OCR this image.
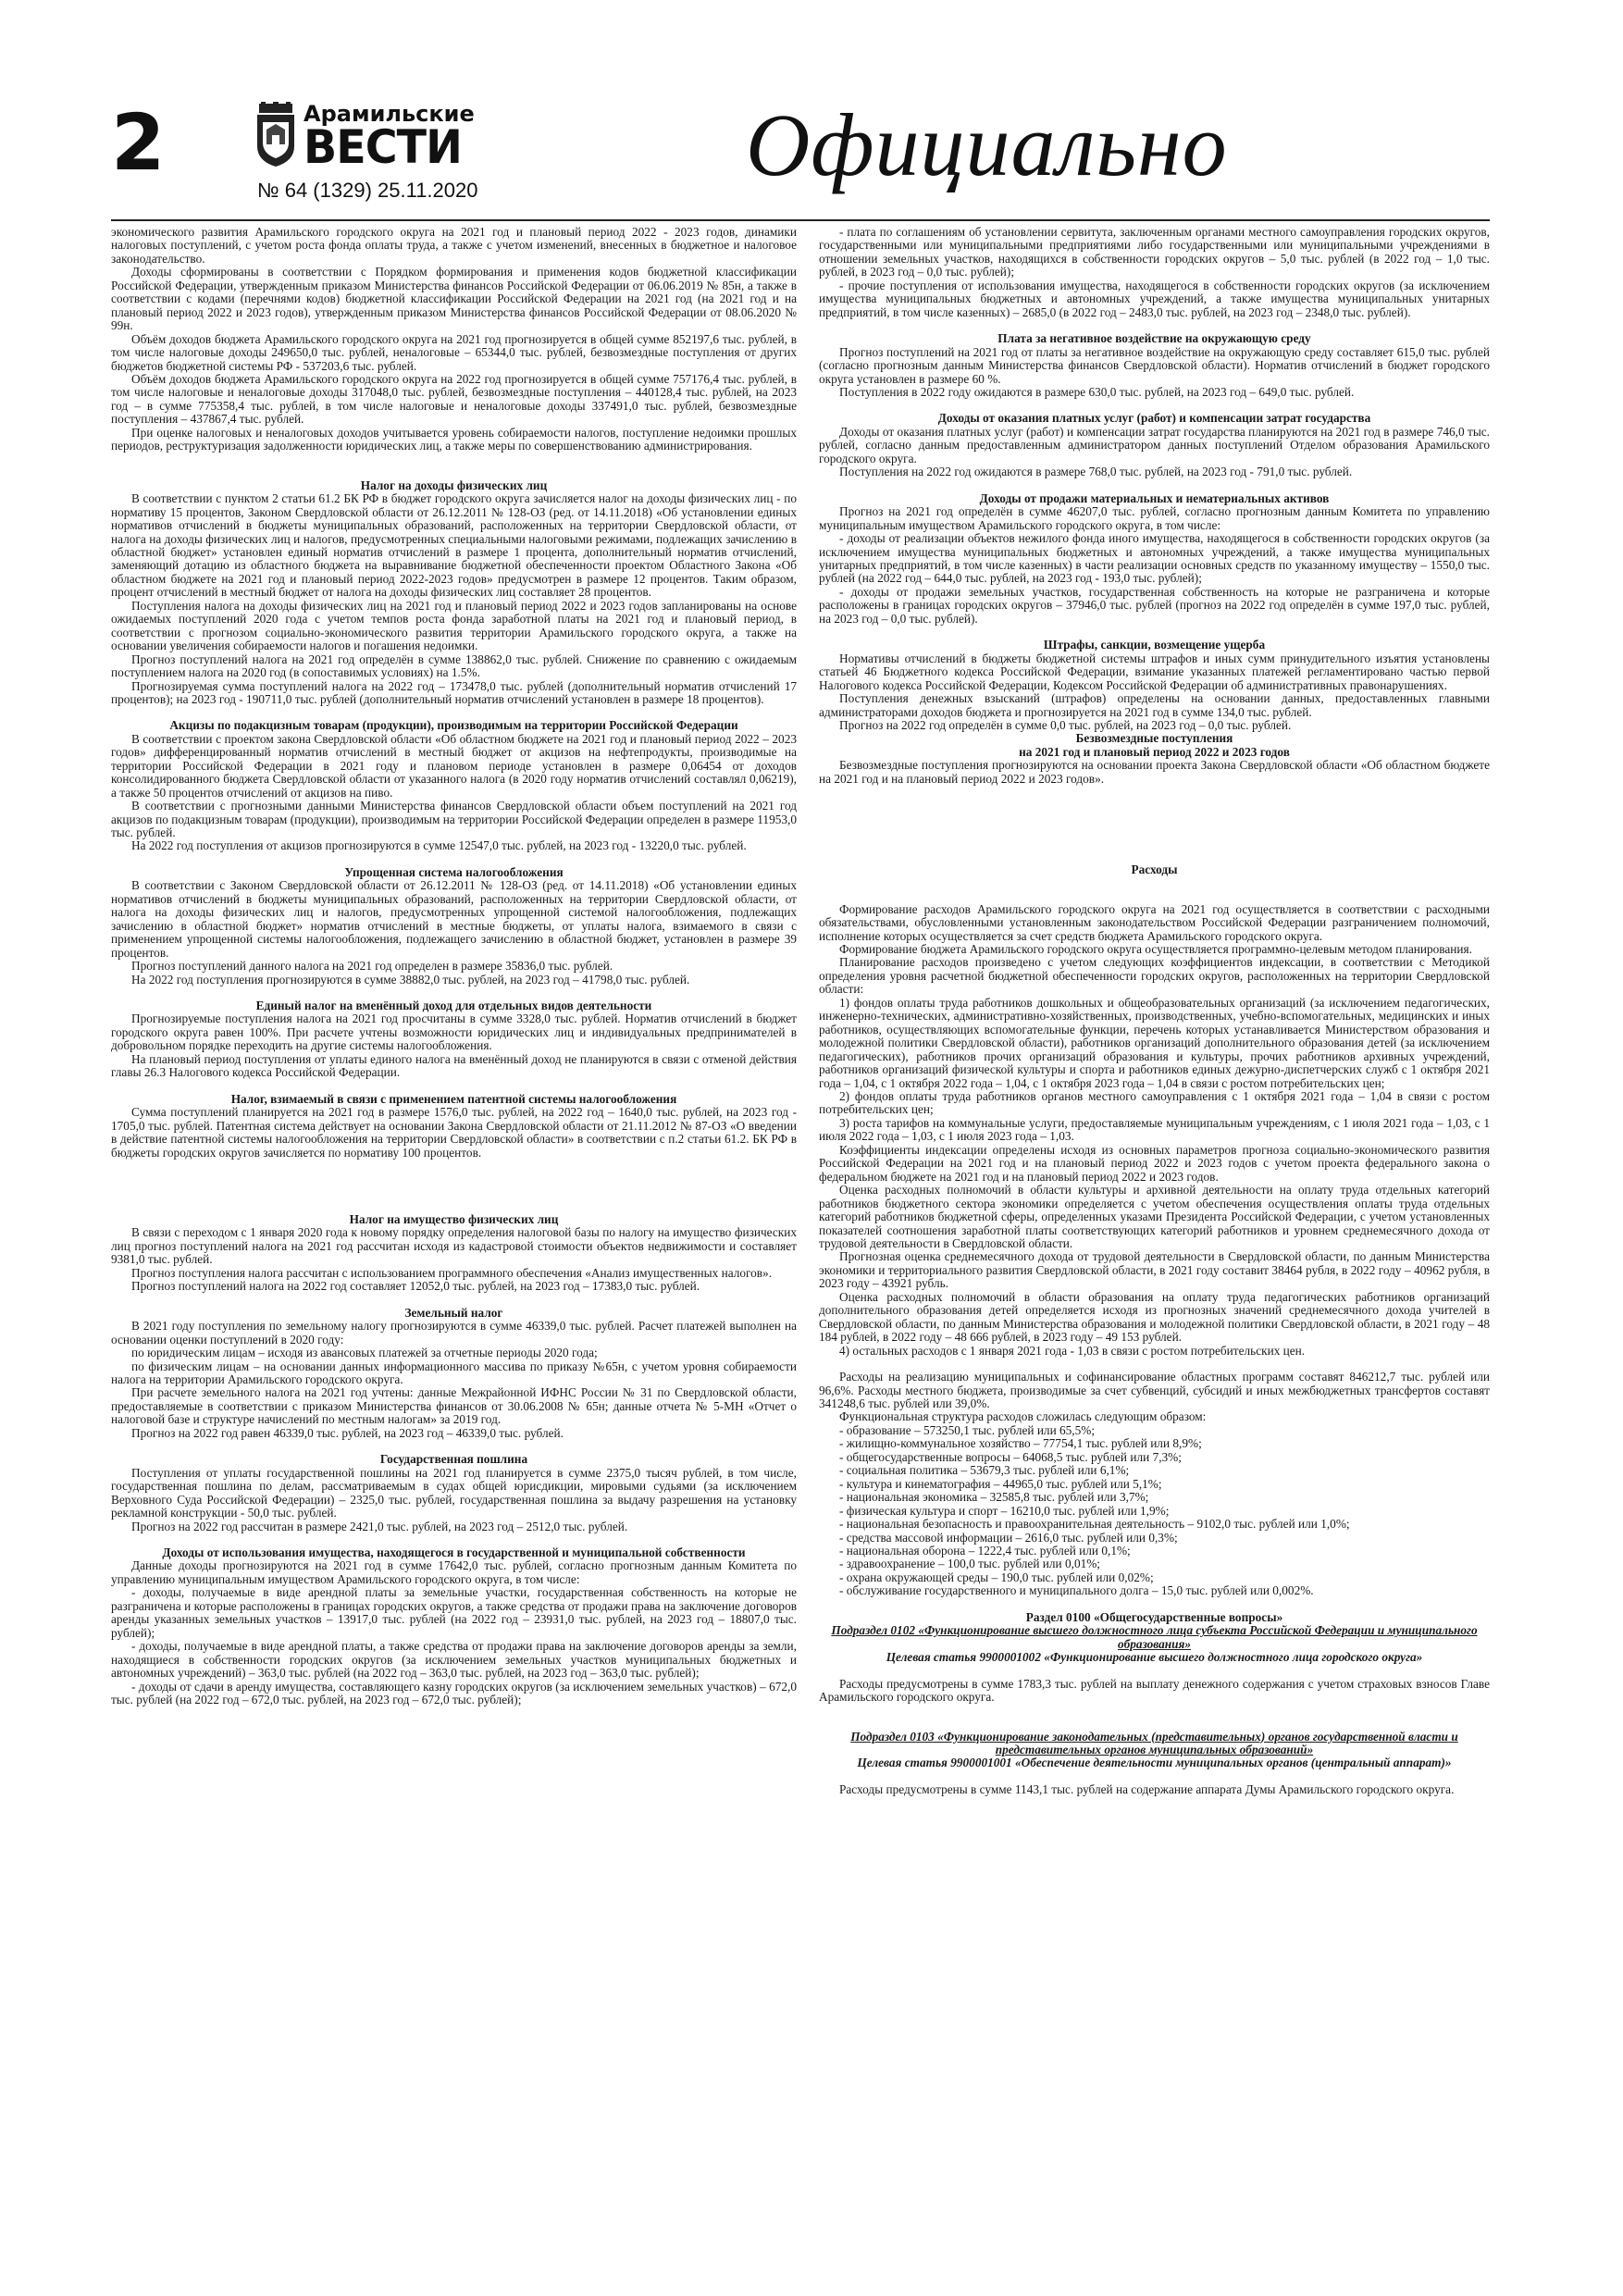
2	Арамильские
ВЕСТИ
№ 64 (1329) 25.11.2020	Официально

экономического развития Арамильского городского округа на 2021 год и плановый период 2022 - 2023 годов, динамики налоговых поступлений, с учетом роста фонда оплаты труда, а также с учетом изменений, внесенных в бюджетное и налоговое законодательство.

Доходы сформированы в соответствии с Порядком формирования и применения кодов бюджетной классификации Российской Федерации, утвержденным приказом Министерства финансов Российской Федерации от 06.06.2019 № 85н, а также в соответствии с кодами (перечнями кодов) бюджетной классификации Российской Федерации на 2021 год (на 2021 год и на плановый период 2022 и 2023 годов), утвержденным приказом Министерства финансов Российской Федерации от 08.06.2020 № 99н.

Объём доходов бюджета Арамильского городского округа на 2021 год прогнозируется в общей сумме 852197,6 тыс. рублей, в том числе налоговые доходы 249650,0 тыс. рублей, неналоговые – 65344,0 тыс. рублей, безвозмездные поступления от других бюджетов бюджетной системы РФ - 537203,6 тыс. рублей.

Объём доходов бюджета Арамильского городского округа на 2022 год прогнозируется в общей сумме 757176,4 тыс. рублей, в том числе налоговые и неналоговые доходы 317048,0 тыс. рублей, безвозмездные поступления – 440128,4 тыс. рублей, на 2023 год – в сумме 775358,4 тыс. рублей, в том числе налоговые и неналоговые доходы 337491,0 тыс. рублей, безвозмездные поступления – 437867,4 тыс. рублей.

При оценке налоговых и неналоговых доходов учитывается уровень собираемости налогов, поступление недоимки прошлых периодов, реструктуризация задолженности юридических лиц, а также меры по совершенствованию администрирования.

Налог на доходы физических лиц

В соответствии с пунктом 2 статьи 61.2 БК РФ в бюджет городского округа зачисляется налог на доходы физических лиц - по нормативу 15 процентов, Законом Свердловской области от 26.12.2011 № 128-ОЗ (ред. от 14.11.2018) «Об установлении единых нормативов отчислений в бюджеты муниципальных образований, расположенных на территории Свердловской области, от налога на доходы физических лиц и налогов, предусмотренных специальными налоговыми режимами, подлежащих зачислению в областной бюджет» установлен единый норматив отчислений в размере 1 процента, дополнительный норматив отчислений, заменяющий дотацию из областного бюджета на выравнивание бюджетной обеспеченности проектом Областного Закона «Об областном бюджете на 2021 год и плановый период 2022-2023 годов» предусмотрен в размере 12 процентов. Таким образом, процент отчислений в местный бюджет от налога на доходы физических лиц составляет 28 процентов.

Поступления налога на доходы физических лиц на 2021 год и плановый период 2022 и 2023 годов запланированы на основе ожидаемых поступлений 2020 года с учетом темпов роста фонда заработной платы на 2021 год и плановый период, в соответствии с прогнозом социально-экономического развития территории Арамильского городского округа, а также на основании увеличения собираемости налогов и погашения недоимки.

Прогноз поступлений налога на 2021 год определён в сумме 138862,0 тыс. рублей. Снижение по сравнению с ожидаемым поступлением налога на 2020 год (в сопоставимых условиях) на 1.5%.

Прогнозируемая сумма поступлений налога на 2022 год – 173478,0 тыс. рублей (дополнительный норматив отчислений 17 процентов); на 2023 год - 190711,0 тыс. рублей (дополнительный норматив отчислений установлен в размере 18 процентов).

Акцизы по подакцизным товарам (продукции), производимым на территории Российской Федерации

В соответствии с проектом закона Свердловской области «Об областном бюджете на 2021 год и плановый период 2022 – 2023 годов» дифференцированный норматив отчислений в местный бюджет от акцизов на нефтепродукты, производимые на территории Российской Федерации в 2021 году и плановом периоде установлен в размере 0,06454 от доходов консолидированного бюджета Свердловской области от указанного налога (в 2020 году норматив отчислений составлял 0,06219), а также 50 процентов отчислений от акцизов на пиво.

В соответствии с прогнозными данными Министерства финансов Свердловской области объем поступлений на 2021 год акцизов по подакцизным товарам (продукции), производимым на территории Российской Федерации определен в размере 11953,0 тыс. рублей.

На 2022 год поступления от акцизов прогнозируются в сумме 12547,0 тыс. рублей, на 2023 год - 13220,0 тыс. рублей.

Упрощенная система налогообложения

В соответствии с Законом Свердловской области от 26.12.2011 № 128-ОЗ (ред. от 14.11.2018) «Об установлении единых нормативов отчислений в бюджеты муниципальных образований, расположенных на территории Свердловской области, от налога на доходы физических лиц и налогов, предусмотренных упрощенной системой налогообложения, подлежащих зачислению в областной бюджет» норматив отчислений в местные бюджеты, от уплаты налога, взимаемого в связи с применением упрощенной системы налогообложения, подлежащего зачислению в областной бюджет, установлен в размере 39 процентов.

Прогноз поступлений данного налога на 2021 год определен в размере 35836,0 тыс. рублей.

На 2022 год поступления прогнозируются в сумме 38882,0 тыс. рублей, на 2023 год – 41798,0 тыс. рублей.

Единый налог на вменённый доход для отдельных видов деятельности

Прогнозируемые поступления налога на 2021 год просчитаны в сумме 3328,0 тыс. рублей. Норматив отчислений в бюджет городского округа равен 100%. При расчете учтены возможности юридических лиц и индивидуальных предпринимателей в добровольном порядке переходить на другие системы налогообложения.

На плановый период поступления от уплаты единого налога на вменённый доход не планируются в связи с отменой действия главы 26.3 Налогового кодекса Российской Федерации.

Налог, взимаемый в связи с применением патентной системы налогообложения

Сумма поступлений планируется на 2021 год в размере 1576,0 тыс. рублей, на 2022 год – 1640,0 тыс. рублей, на 2023 год - 1705,0 тыс. рублей. Патентная система действует на основании Закона Свердловской области от 21.11.2012 № 87-ОЗ «О введении в действие патентной системы налогообложения на территории Свердловской области» в соответствии с п.2 статьи 61.2. БК РФ в бюджеты городских округов зачисляется по нормативу 100 процентов.

Налог на имущество физических лиц

В связи с переходом с 1 января 2020 года к новому порядку определения налоговой базы по налогу на имущество физических лиц прогноз поступлений налога на 2021 год рассчитан исходя из кадастровой стоимости объектов недвижимости и составляет 9381,0 тыс. рублей.

Прогноз поступления налога рассчитан с использованием программного обеспечения «Анализ имущественных налогов».

Прогноз поступлений налога на 2022 год составляет 12052,0 тыс. рублей, на 2023 год – 17383,0 тыс. рублей.

Земельный налог

В 2021 году поступления по земельному налогу прогнозируются в сумме 46339,0 тыс. рублей. Расчет платежей выполнен на основании оценки поступлений в 2020 году:

по юридическим лицам – исходя из авансовых платежей за отчетные периоды 2020 года;

по физическим лицам – на основании данных информационного массива по приказу №65н, с учетом уровня собираемости налога на территории Арамильского городского округа.

При расчете земельного налога на 2021 год учтены: данные Межрайонной ИФНС России № 31 по Свердловской области, предоставляемые в соответствии с приказом Министерства финансов от 30.06.2008 № 65н; данные отчета № 5-МН «Отчет о налоговой базе и структуре начислений по местным налогам» за 2019 год.

Прогноз на 2022 год равен 46339,0 тыс. рублей, на 2023 год – 46339,0 тыс. рублей.

Государственная пошлина

Поступления от уплаты государственной пошлины на 2021 год планируется в сумме 2375,0 тысяч рублей, в том числе, государственная пошлина по делам, рассматриваемым в судах общей юрисдикции, мировыми судьями (за исключением Верховного Суда Российской Федерации) – 2325,0 тыс. рублей, государственная пошлина за выдачу разрешения на установку рекламной конструкции - 50,0 тыс. рублей.

Прогноз на 2022 год рассчитан в размере 2421,0 тыс. рублей, на 2023 год – 2512,0 тыс. рублей.

Доходы от использования имущества, находящегося в государственной и муниципальной собственности

Данные доходы прогнозируются на 2021 год в сумме 17642,0 тыс. рублей, согласно прогнозным данным Комитета по управлению муниципальным имуществом Арамильского городского округа, в том числе:

- доходы, получаемые в виде арендной платы за земельные участки, государственная собственность на которые не разграничена и которые расположены в границах городских округов, а также средства от продажи права на заключение договоров аренды указанных земельных участков – 13917,0 тыс. рублей (на 2022 год – 23931,0 тыс. рублей, на 2023 год – 18807,0 тыс. рублей);

- доходы, получаемые в виде арендной платы, а также средства от продажи права на заключение договоров аренды за земли, находящиеся в собственности городских округов (за исключением земельных участков муниципальных бюджетных и автономных учреждений) – 363,0 тыс. рублей (на 2022 год – 363,0 тыс. рублей, на 2023 год – 363,0 тыс. рублей);

- доходы от сдачи в аренду имущества, составляющего казну городских округов (за исключением земельных участков) – 672,0 тыс. рублей (на 2022 год – 672,0 тыс. рублей, на 2023 год – 672,0 тыс. рублей);

- плата по соглашениям об установлении сервитута, заключенным органами местного самоуправления городских округов, государственными или муниципальными предприятиями либо государственными или муниципальными учреждениями в отношении земельных участков, находящихся в собственности городских округов – 5,0 тыс. рублей (в 2022 год – 1,0 тыс. рублей, в 2023 год – 0,0 тыс. рублей);

- прочие поступления от использования имущества, находящегося в собственности городских округов (за исключением имущества муниципальных бюджетных и автономных учреждений, а также имущества муниципальных унитарных предприятий, в том числе казенных) – 2685,0 (в 2022 год – 2483,0 тыс. рублей, на 2023 год – 2348,0 тыс. рублей).

Плата за негативное воздействие на окружающую среду

Прогноз поступлений на 2021 год от платы за негативное воздействие на окружающую среду составляет 615,0 тыс. рублей (согласно прогнозным данным Министерства финансов Свердловской области). Норматив отчислений в бюджет городского округа установлен в размере 60 %.

Поступления в 2022 году ожидаются в размере 630,0 тыс. рублей, на 2023 год – 649,0 тыс. рублей.

Доходы от оказания платных услуг (работ) и компенсации затрат государства

Доходы от оказания платных услуг (работ) и компенсации затрат государства планируются на 2021 год в размере 746,0 тыс. рублей, согласно данным предоставленным администратором данных поступлений Отделом образования Арамильского городского округа.

Поступления на 2022 год ожидаются в размере 768,0 тыс. рублей, на 2023 год - 791,0 тыс. рублей.

Доходы от продажи материальных и нематериальных активов

Прогноз на 2021 год определён в сумме 46207,0 тыс. рублей, согласно прогнозным данным Комитета по управлению муниципальным имуществом Арамильского городского округа, в том числе:

- доходы от реализации объектов нежилого фонда иного имущества, находящегося в собственности городских округов (за исключением имущества муниципальных бюджетных и автономных учреждений, а также имущества муниципальных унитарных предприятий, в том числе казенных) в части реализации основных средств по указанному имуществу – 1550,0 тыс. рублей (на 2022 год – 644,0 тыс. рублей, на 2023 год - 193,0 тыс. рублей);

- доходы от продажи земельных участков, государственная собственность на которые не разграничена и которые расположены в границах городских округов – 37946,0 тыс. рублей (прогноз на 2022 год определён в сумме 197,0 тыс. рублей, на 2023 год – 0,0 тыс. рублей).

Штрафы, санкции, возмещение ущерба

Нормативы отчислений в бюджеты бюджетной системы штрафов и иных сумм принудительного изъятия установлены статьей 46 Бюджетного кодекса Российской Федерации, взимание указанных платежей регламентировано частью первой Налогового кодекса Российской Федерации, Кодексом Российской Федерации об административных правонарушениях.

Поступления денежных взысканий (штрафов) определены на основании данных, предоставленных главными администраторами доходов бюджета и прогнозируется на 2021 год в сумме 134,0 тыс. рублей.

Прогноз на 2022 год определён в сумме 0,0 тыс. рублей, на 2023 год – 0,0 тыс. рублей.

Безвозмездные поступления
на 2021 год и плановый период 2022 и 2023 годов

Безвозмездные поступления прогнозируются на основании проекта Закона Свердловской области «Об областном бюджете на 2021 год и на плановый период 2022 и 2023 годов».

Расходы

Формирование расходов Арамильского городского округа на 2021 год осуществляется в соответствии с расходными обязательствами, обусловленными установленным законодательством Российской Федерации разграничением полномочий, исполнение которых осуществляется за счет средств бюджета Арамильского городского округа.

Формирование бюджета Арамильского городского округа осуществляется программно-целевым методом планирования.

Планирование расходов произведено с учетом следующих коэффициентов индексации, в соответствии с Методикой определения уровня расчетной бюджетной обеспеченности городских округов, расположенных на территории Свердловской области:

1) фондов оплаты труда работников дошкольных и общеобразовательных организаций (за исключением педагогических, инженерно-технических, административно-хозяйственных, производственных, учебно-вспомогательных, медицинских и иных работников, осуществляющих вспомогательные функции, перечень которых устанавливается Министерством образования и молодежной политики Свердловской области), работников организаций дополнительного образования детей (за исключением педагогических), работников прочих организаций образования и культуры, прочих работников архивных учреждений, работников организаций физической культуры и спорта и работников единых дежурно-диспетчерских служб с 1 октября 2021 года – 1,04, с 1 октября 2022 года – 1,04, с 1 октября 2023 года – 1,04 в связи с ростом потребительских цен;

2) фондов оплаты труда работников органов местного самоуправления с 1 октября 2021 года – 1,04 в связи с ростом потребительских цен;

3) роста тарифов на коммунальные услуги, предоставляемые муниципальным учреждениям, с 1 июля 2021 года – 1,03, с 1 июля 2022 года – 1,03, с 1 июля 2023 года – 1,03.

Коэффициенты индексации определены исходя из основных параметров прогноза социально-экономического развития Российской Федерации на 2021 год и на плановый период 2022 и 2023 годов с учетом проекта федерального закона о федеральном бюджете на 2021 год и на плановый период 2022 и 2023 годов.

Оценка расходных полномочий в области культуры и архивной деятельности на оплату труда отдельных категорий работников бюджетного сектора экономики определяется с учетом обеспечения осуществления оплаты труда отдельных категорий работников бюджетной сферы, определенных указами Президента Российской Федерации, с учетом установленных показателей соотношения заработной платы соответствующих категорий работников и уровнем среднемесячного дохода от трудовой деятельности в Свердловской области.

Прогнозная оценка среднемесячного дохода от трудовой деятельности в Свердловской области, по данным Министерства экономики и территориального развития Свердловской области, в 2021 году составит 38464 рубля, в 2022 году – 40962 рубля, в 2023 году – 43921 рубль.

Оценка расходных полномочий в области образования на оплату труда педагогических работников организаций дополнительного образования детей определяется исходя из прогнозных значений среднемесячного дохода учителей в Свердловской области, по данным Министерства образования и молодежной политики Свердловской области, в 2021 году – 48 184 рублей, в 2022 году – 48 666 рублей, в 2023 году – 49 153 рублей.

4) остальных расходов с 1 января 2021 года - 1,03 в связи с ростом потребительских цен.

Расходы на реализацию муниципальных и софинансирование областных программ составят 846212,7 тыс. рублей или 96,6%. Расходы местного бюджета, производимые за счет субвенций, субсидий и иных межбюджетных трансфертов составят 341248,6 тыс. рублей или 39,0%.

Функциональная структура расходов сложилась следующим образом:

- образование – 573250,1 тыс. рублей или 65,5%;

- жилищно-коммунальное хозяйство – 77754,1 тыс. рублей или 8,9%;

- общегосударственные вопросы – 64068,5 тыс. рублей или 7,3%;

- социальная политика – 53679,3 тыс. рублей или 6,1%;

- культура и кинематография – 44965,0 тыс. рублей или 5,1%;

- национальная экономика – 32585,8 тыс. рублей или 3,7%;

- физическая культура и спорт – 16210,0 тыс. рублей или 1,9%;

- национальная безопасность и правоохранительная деятельность – 9102,0 тыс. рублей или 1,0%;

- средства массовой информации – 2616,0 тыс. рублей или 0,3%;

- национальная оборона – 1222,4 тыс. рублей или 0,1%;

- здравоохранение – 100,0 тыс. рублей или 0,01%;

- охрана окружающей среды – 190,0 тыс. рублей или 0,02%;

- обслуживание государственного и муниципального долга – 15,0 тыс. рублей или 0,002%.

Раздел 0100 «Общегосударственные вопросы»

Подраздел 0102 «Функционирование высшего должностного лица субъекта Российской Федерации и муниципального образования»

Целевая статья 9900001002 «Функционирование высшего должностного лица городского округа»

Расходы предусмотрены в сумме 1783,3 тыс. рублей на выплату денежного содержания с учетом страховых взносов Главе Арамильского городского округа.

Подраздел 0103 «Функционирование законодательных (представительных) органов государственной власти и представительных органов муниципальных образований»

Целевая статья 9900001001 «Обеспечение деятельности муниципальных органов (центральный аппарат)»

Расходы предусмотрены в сумме 1143,1 тыс. рублей на содержание аппарата Думы Арамильского городского округа.
